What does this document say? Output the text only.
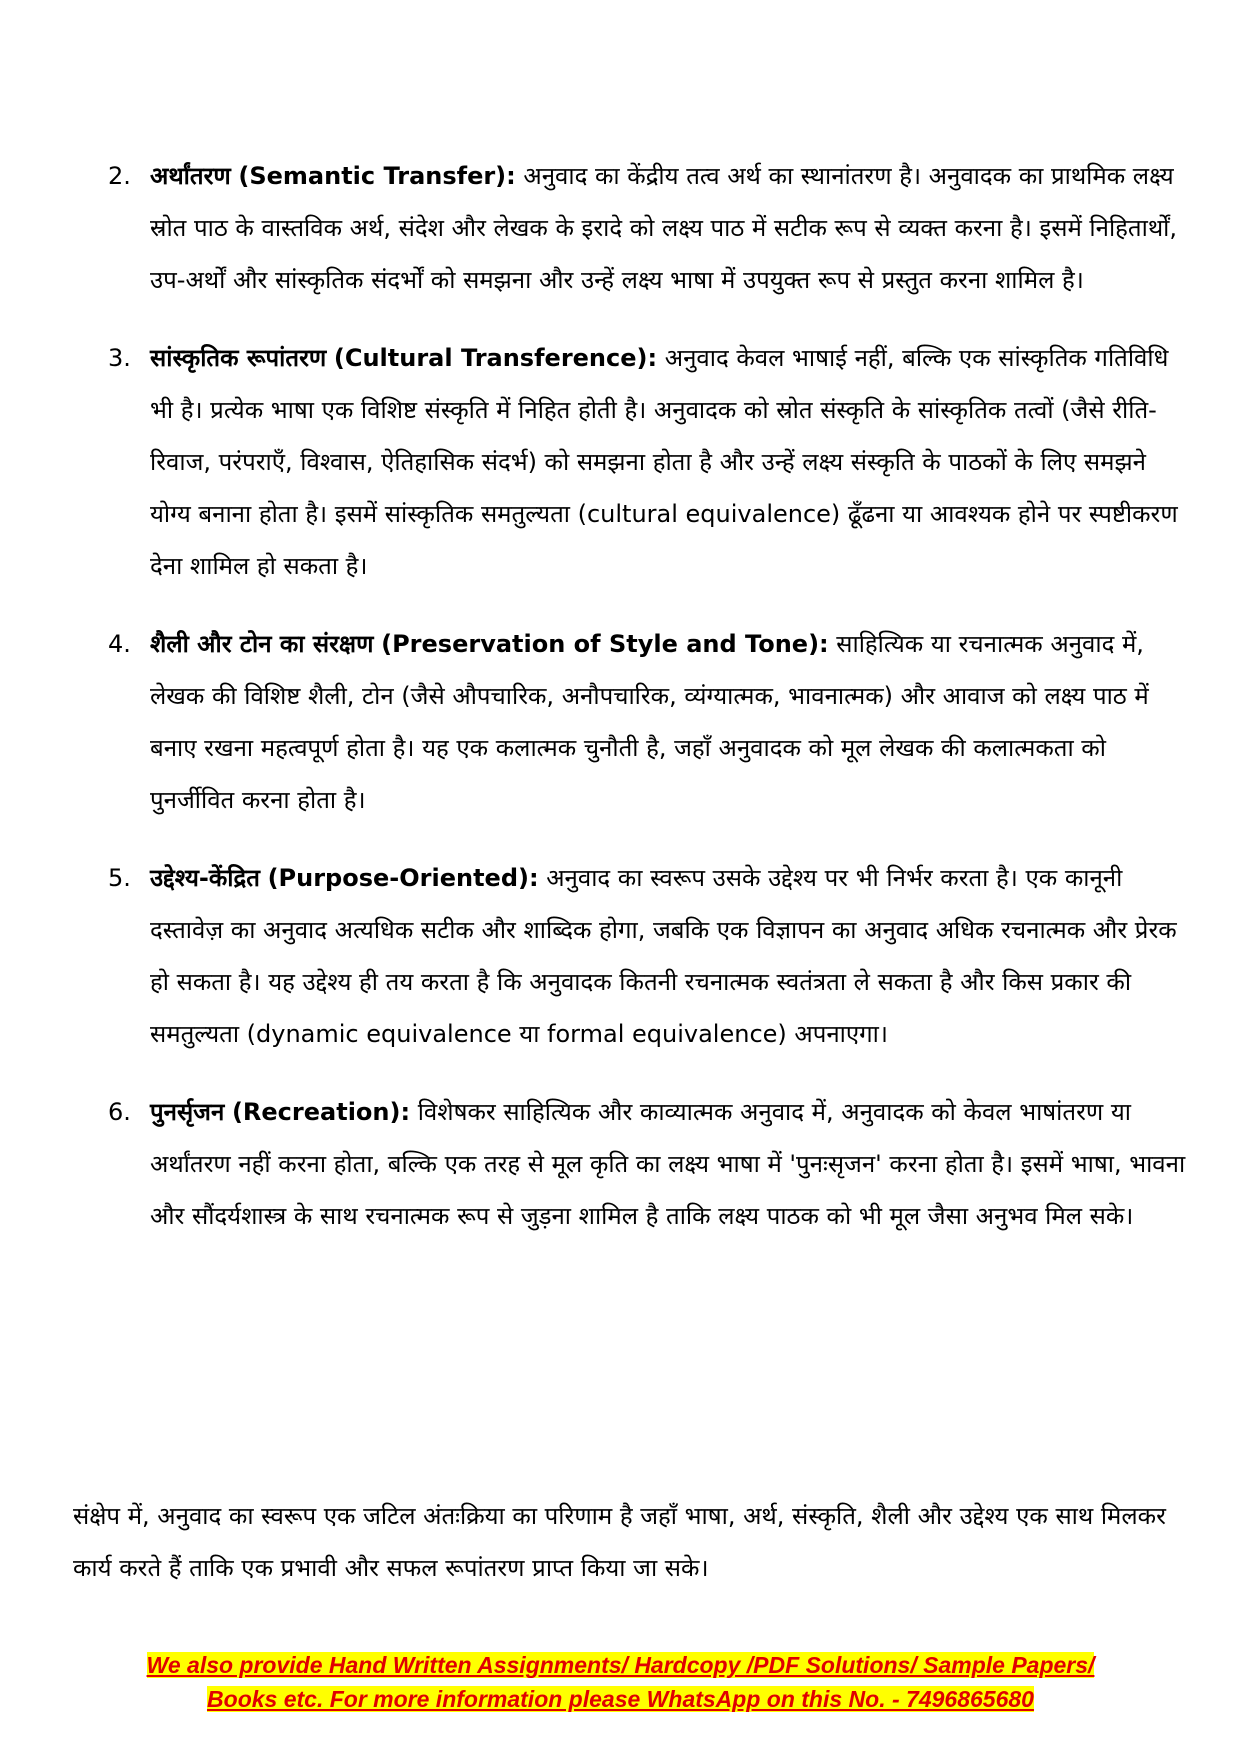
2. अर्थांतरण (Semantic Transfer): अनुवाद का केंद्रीय तत्व अर्थ का स्थानांतरण है। अनुवादक का प्राथमिक लक्ष्य स्रोत पाठ के वास्तविक अर्थ, संदेश और लेखक के इरादे को लक्ष्य पाठ में सटीक रूप से व्यक्त करना है। इसमें निहितार्थों, उप-अर्थों और सांस्कृतिक संदर्भों को समझना और उन्हें लक्ष्य भाषा में उपयुक्त रूप से प्रस्तुत करना शामिल है।
3. सांस्कृतिक रूपांतरण (Cultural Transference): अनुवाद केवल भाषाई नहीं, बल्कि एक सांस्कृतिक गतिविधि भी है। प्रत्येक भाषा एक विशिष्ट संस्कृति में निहित होती है। अनुवादक को स्रोत संस्कृति के सांस्कृतिक तत्वों (जैसे रीति-रिवाज, परंपराएँ, विश्वास, ऐतिहासिक संदर्भ) को समझना होता है और उन्हें लक्ष्य संस्कृति के पाठकों के लिए समझने योग्य बनाना होता है। इसमें सांस्कृतिक समतुल्यता (cultural equivalence) ढूँढना या आवश्यक होने पर स्पष्टीकरण देना शामिल हो सकता है।
4. शैली और टोन का संरक्षण (Preservation of Style and Tone): साहित्यिक या रचनात्मक अनुवाद में, लेखक की विशिष्ट शैली, टोन (जैसे औपचारिक, अनौपचारिक, व्यंग्यात्मक, भावनात्मक) और आवाज को लक्ष्य पाठ में बनाए रखना महत्वपूर्ण होता है। यह एक कलात्मक चुनौती है, जहाँ अनुवादक को मूल लेखक की कलात्मकता को पुनर्जीवित करना होता है।
5. उद्देश्य-केंद्रित (Purpose-Oriented): अनुवाद का स्वरूप उसके उद्देश्य पर भी निर्भर करता है। एक कानूनी दस्तावेज़ का अनुवाद अत्यधिक सटीक और शाब्दिक होगा, जबकि एक विज्ञापन का अनुवाद अधिक रचनात्मक और प्रेरक हो सकता है। यह उद्देश्य ही तय करता है कि अनुवादक कितनी रचनात्मक स्वतंत्रता ले सकता है और किस प्रकार की समतुल्यता (dynamic equivalence या formal equivalence) अपनाएगा।
6. पुनर्सृजन (Recreation): विशेषकर साहित्यिक और काव्यात्मक अनुवाद में, अनुवादक को केवल भाषांतरण या अर्थांतरण नहीं करना होता, बल्कि एक तरह से मूल कृति का लक्ष्य भाषा में 'पुनःसृजन' करना होता है। इसमें भाषा, भावना और सौंदर्यशास्त्र के साथ रचनात्मक रूप से जुड़ना शामिल है ताकि लक्ष्य पाठक को भी मूल जैसा अनुभव मिल सके।

संक्षेप में, अनुवाद का स्वरूप एक जटिल अंतःक्रिया का परिणाम है जहाँ भाषा, अर्थ, संस्कृति, शैली और उद्देश्य एक साथ मिलकर कार्य करते हैं ताकि एक प्रभावी और सफल रूपांतरण प्राप्त किया जा सके।

We also provide Hand Written Assignments/ Hardcopy /PDF Solutions/ Sample Papers/
Books etc. For more information please WhatsApp on this No. - 7496865680
